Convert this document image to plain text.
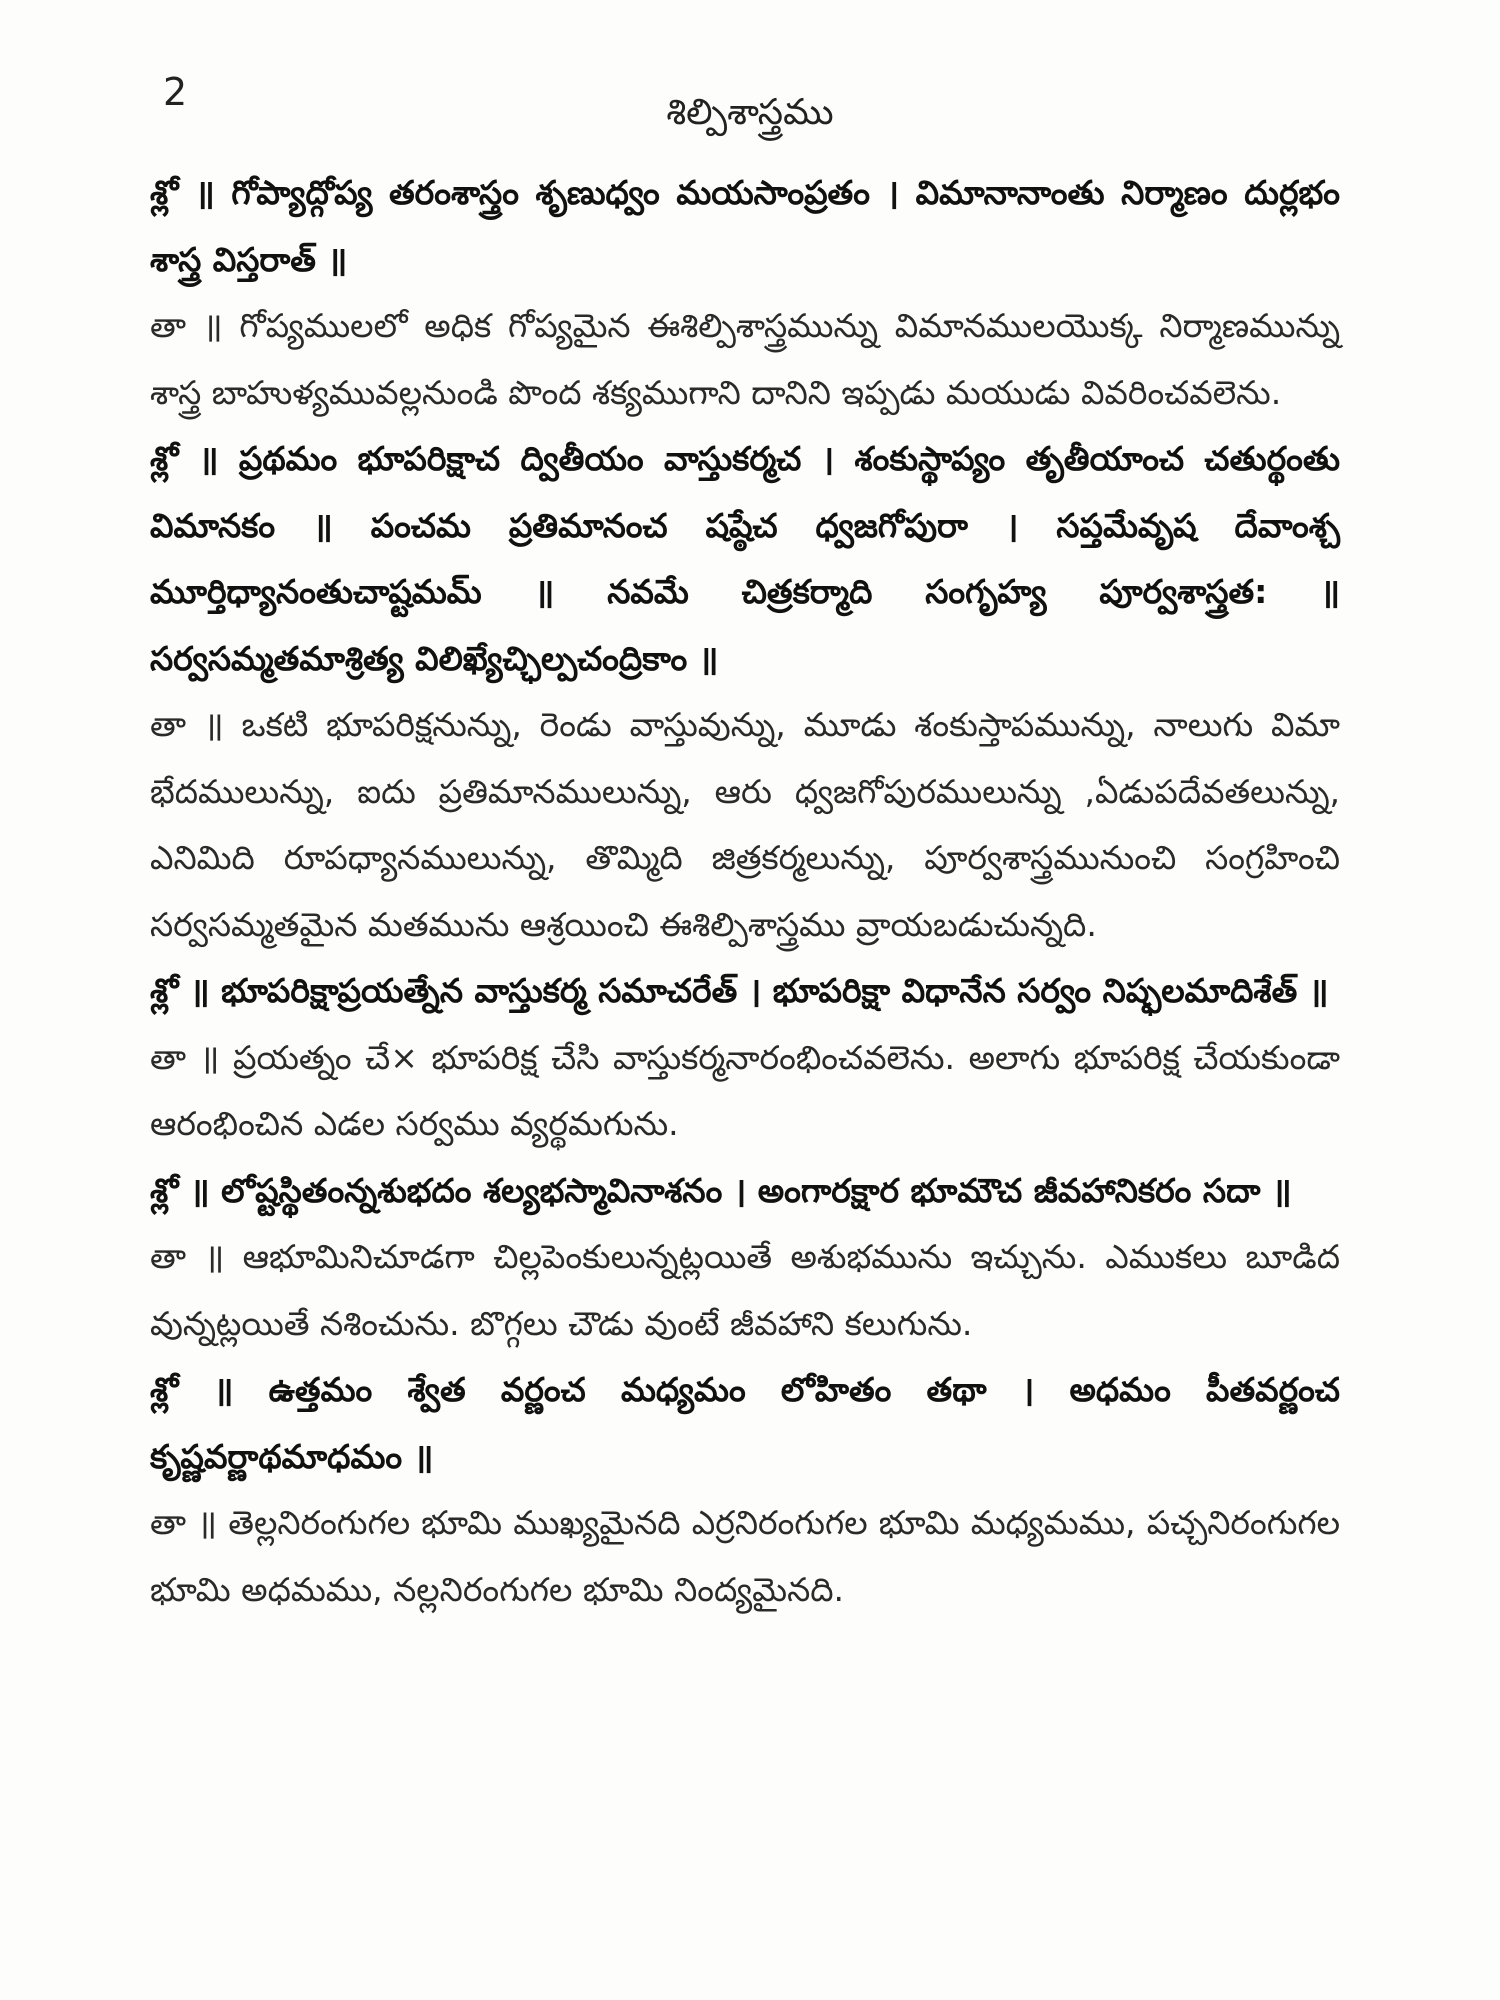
2	శిల్పిశాస్త్రము

శ్లో ॥ గోప్యాద్గోప్య తరంశాస్త్రం శృణుధ్వం మయసాంప్రతం । విమానానాంతు నిర్మాణం దుర్లభం శాస్త్ర విస్తరాత్ ॥

తా ॥ గోప్యములలో అధిక గోప్యమైన ఈశిల్పిశాస్త్రమున్ను విమానములయొక్క నిర్మాణమున్ను శాస్త్ర బాహుళ్యమువల్లనుండి పొంద శక్యముగాని దానిని ఇప్పడు మయుడు వివరించవలెను.

శ్లో ॥ ప్రథమం భూపరిక్షాచ ద్వితీయం వాస్తుకర్మచ । శంకుస్థాప్యం తృతీయాంచ చతుర్థంతు విమానకం ॥ పంచమ ప్రతిమానంచ షష్ఠేచ ధ్వజగోపురా । సప్తమేవృష దేవాంశ్చ మూర్తిధ్యానంతుచాష్టమమ్ ॥ నవమే చిత్రకర్మాది సంగృహ్య పూర్వశాస్త్రత: ॥ సర్వసమ్మతమాశ్రిత్య విలిఖ్యేచ్ఛిల్పచంద్రికాం ॥

తా ॥ ఒకటి భూపరిక్షనున్ను, రెండు వాస్తువున్ను, మూడు శంకుస్తాపమున్ను, నాలుగు విమా భేదములున్ను, ఐదు ప్రతిమానములున్ను, ఆరు ధ్వజగోపురములున్ను ,ఏడుపదేవతలున్ను, ఎనిమిది రూపధ్యానములున్ను, తొమ్మిది జిత్రకర్మలున్ను, పూర్వశాస్త్రమునుంచి సంగ్రహించి సర్వసమ్మతమైన మతమును ఆశ్రయించి ఈశిల్పిశాస్త్రము వ్రాయబడుచున్నది.

శ్లో ॥ భూపరిక్షాప్రయత్నేన వాస్తుకర్మ సమాచరేత్ । భూపరిక్షా విధానేన సర్వం నిష్ఫలమాదిశేత్ ॥

తా ॥ ప్రయత్నం చే× భూపరిక్ష చేసి వాస్తుకర్మనారంభించవలెను. అలాగు భూపరిక్ష చేయకుండా ఆరంభించిన ఎడల సర్వము వ్యర్థమగును.

శ్లో ॥ లోష్టస్థితంన్నశుభదం శల్యభస్మావినాశనం । అంగారక్షార భూమౌచ జీవహానికరం సదా ॥

తా ॥ ఆభూమినిచూడగా చిల్లపెంకులున్నట్లయితే అశుభమును ఇచ్చును. ఎముకలు బూడిద వున్నట్లయితే నశించును. బొగ్గలు చౌడు వుంటే జీవహాని కలుగును.

శ్లో ॥ ఉత్తమం శ్వేత వర్ణంచ మధ్యమం లోహితం తథా । అధమం పీతవర్ణంచ కృష్ణవర్ణాథమాధమం ॥

తా ॥ తెల్లనిరంగుగల భూమి ముఖ్యమైనది ఎర్రనిరంగుగల భూమి మధ్యమము, పచ్చనిరంగుగల భూమి అధమము, నల్లనిరంగుగల భూమి నింద్యమైనది.
